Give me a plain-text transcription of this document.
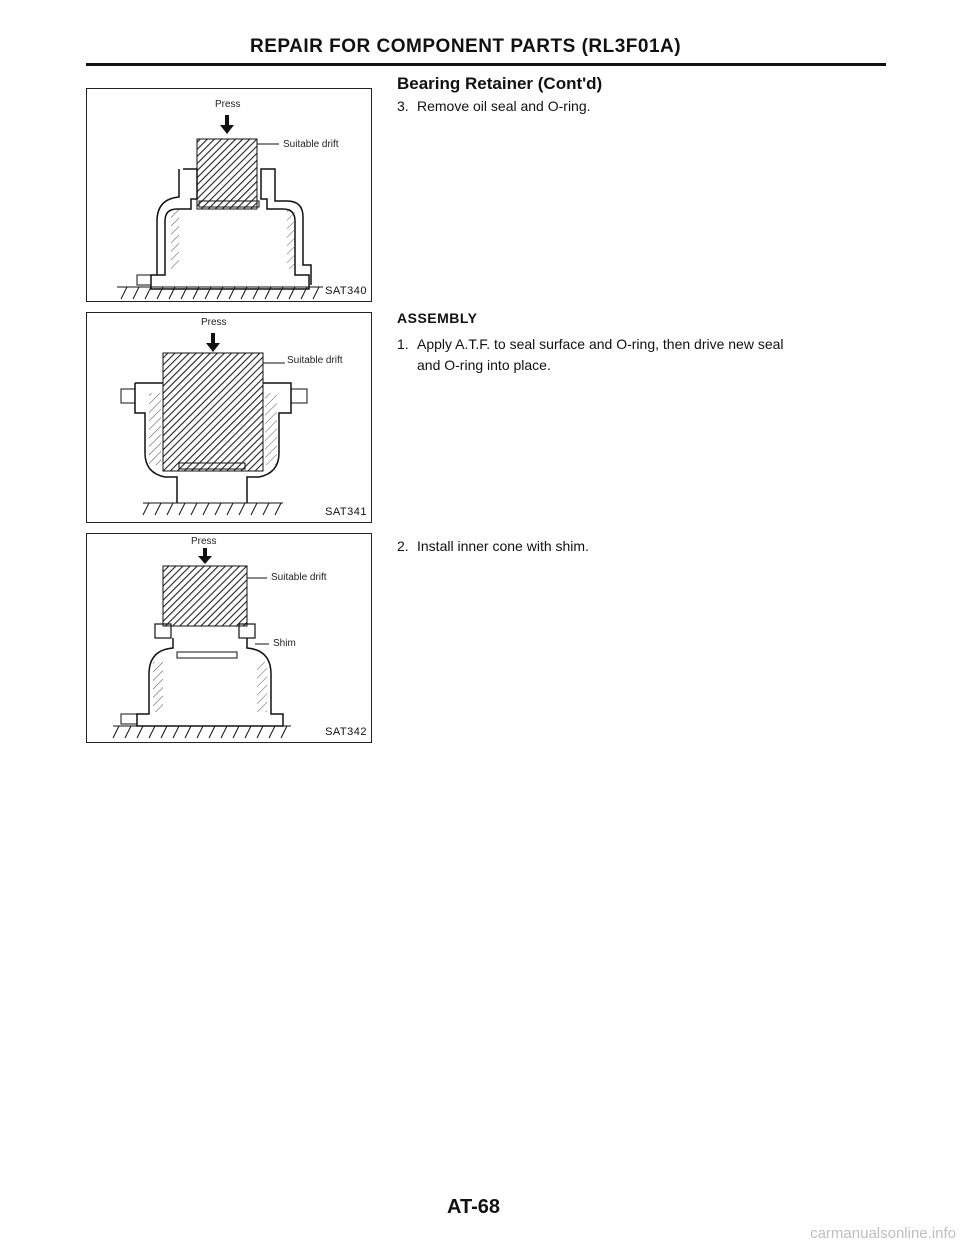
REPAIR FOR COMPONENT PARTS (RL3F01A)
Press
Suitable drift
SAT340
Press
Suitable drift
SAT341
Press
Suitable drift
Shim
SAT342
Bearing Retainer (Cont'd)
3. Remove oil seal and O-ring.
ASSEMBLY
1. Apply A.T.F. to seal surface and O-ring, then drive new seal
and O-ring into place.
2. Install inner cone with shim.
AT-68
carmanualsonline.info
